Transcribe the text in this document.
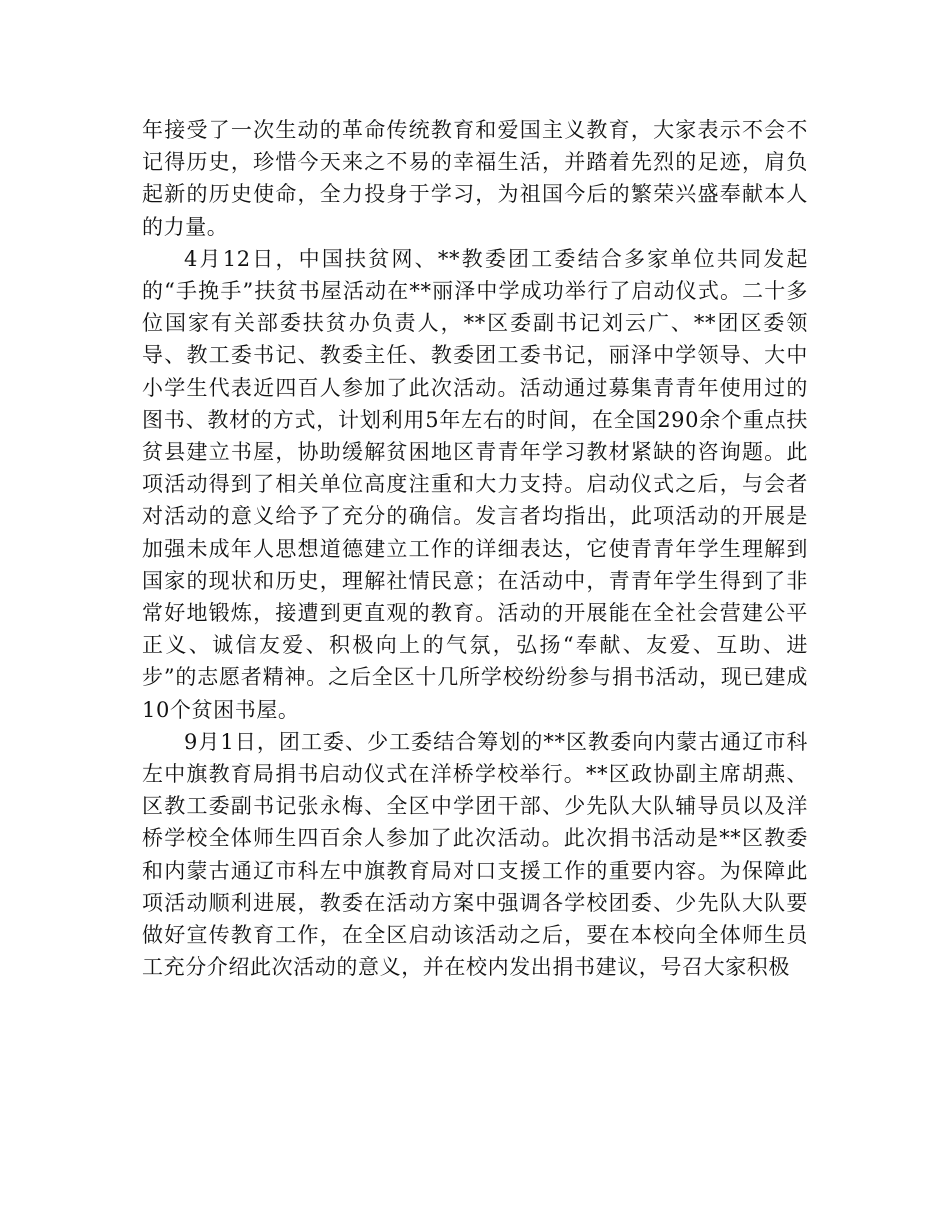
年接受了一次生动的革命传统教育和爱国主义教育，大家表示不会不记得历史，珍惜今天来之不易的幸福生活，并踏着先烈的足迹，肩负起新的历史使命，全力投身于学习，为祖国今后的繁荣兴盛奉献本人的力量。

4月12日，中国扶贫网、**教委团工委结合多家单位共同发起的“手挽手”扶贫书屋活动在**丽泽中学成功举行了启动仪式。二十多位国家有关部委扶贫办负责人，**区委副书记刘云广、**团区委领导、教工委书记、教委主任、教委团工委书记，丽泽中学领导、大中小学生代表近四百人参加了此次活动。活动通过募集青青年使用过的图书、教材的方式，计划利用5年左右的时间，在全国290余个重点扶贫县建立书屋，协助缓解贫困地区青青年学习教材紧缺的咨询题。此项活动得到了相关单位高度注重和大力支持。启动仪式之后，与会者对活动的意义给予了充分的确信。发言者均指出，此项活动的开展是加强未成年人思想道德建立工作的详细表达，它使青青年学生理解到国家的现状和历史，理解社情民意；在活动中，青青年学生得到了非常好地锻炼，接遭到更直观的教育。活动的开展能在全社会营建公平正义、诚信友爱、积极向上的气氛，弘扬“奉献、友爱、互助、进步”的志愿者精神。之后全区十几所学校纷纷参与捐书活动，现已建成10个贫困书屋。

9月1日，团工委、少工委结合筹划的**区教委向内蒙古通辽市科左中旗教育局捐书启动仪式在洋桥学校举行。**区政协副主席胡燕、区教工委副书记张永梅、全区中学团干部、少先队大队辅导员以及洋桥学校全体师生四百余人参加了此次活动。此次捐书活动是**区教委和内蒙古通辽市科左中旗教育局对口支援工作的重要内容。为保障此项活动顺利进展，教委在活动方案中强调各学校团委、少先队大队要做好宣传教育工作，在全区启动该活动之后，要在本校向全体师生员工充分介绍此次活动的意义，并在校内发出捐书建议，号召大家积极
